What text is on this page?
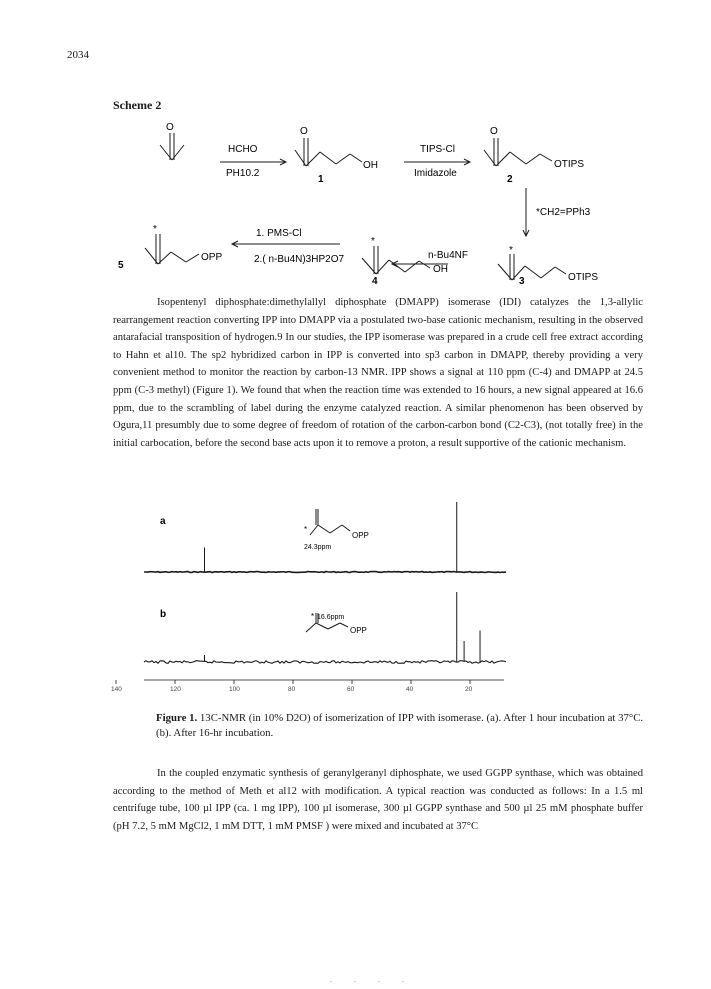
2034
Scheme 2
O
HCHO
PH10.2
O
OH
1
TIPS-Cl
Imidazole
O
OTIPS
2
*CH2=PPh3
*
OTIPS
3
n-Bu4NF
*
OH
4
1. PMS-Cl
2.( n-Bu4N)3HP2O7
*
OPP
5

Isopentenyl diphosphate:dimethylallyl diphosphate (DMAPP) isomerase (IDI) catalyzes the 1,3-allylic rearrangement reaction converting IPP into DMAPP via a postulated two-base cationic mechanism, resulting in the observed antarafacial transposition of hydrogen.9 In our studies, the IPP isomerase was prepared in a crude cell free extract according to Hahn et al10. The sp2 hybridized carbon in IPP is converted into sp3 carbon in DMAPP, thereby providing a very convenient method to monitor the reaction by carbon-13 NMR. IPP shows a signal at 110 ppm (C-4) and DMAPP at 24.5 ppm (C-3 methyl) (Figure 1). We found that when the reaction time was extended to 16 hours, a new signal appeared at 16.6 ppm, due to the scrambling of label during the enzyme catalyzed reaction. A similar phenomenon has been observed by Ogura,11 presumbly due to some degree of freedom of rotation of the carbon-carbon bond (C2-C3), (not totally free) in the initial carbocation, before the second base acts upon it to remove a proton, a result supportive of the cationic mechanism.

140	120	100	80	60	40	20
a
b
24.3ppm
OPP
*
16.6ppm
OPP
*
Figure 1. 13C-NMR (in 10% D2O) of isomerization of IPP with isomerase. (a). After 1 hour incubation at 37°C. (b). After 16-hr incubation.

In the coupled enzymatic synthesis of geranylgeranyl diphosphate, we used GGPP synthase, which was obtained according to the method of Meth et al12 with modification. A typical reaction was conducted as follows: In a 1.5 ml centrifuge tube, 100 µl IPP (ca. 1 mg IPP), 100 µl isomerase, 300 µl GGPP synthase and 500 µl 25 mM phosphate buffer (pH 7.2, 5 mM MgCl2, 1 mM DTT, 1 mM PMSF ) were mixed and incubated at 37°C

. . . .
